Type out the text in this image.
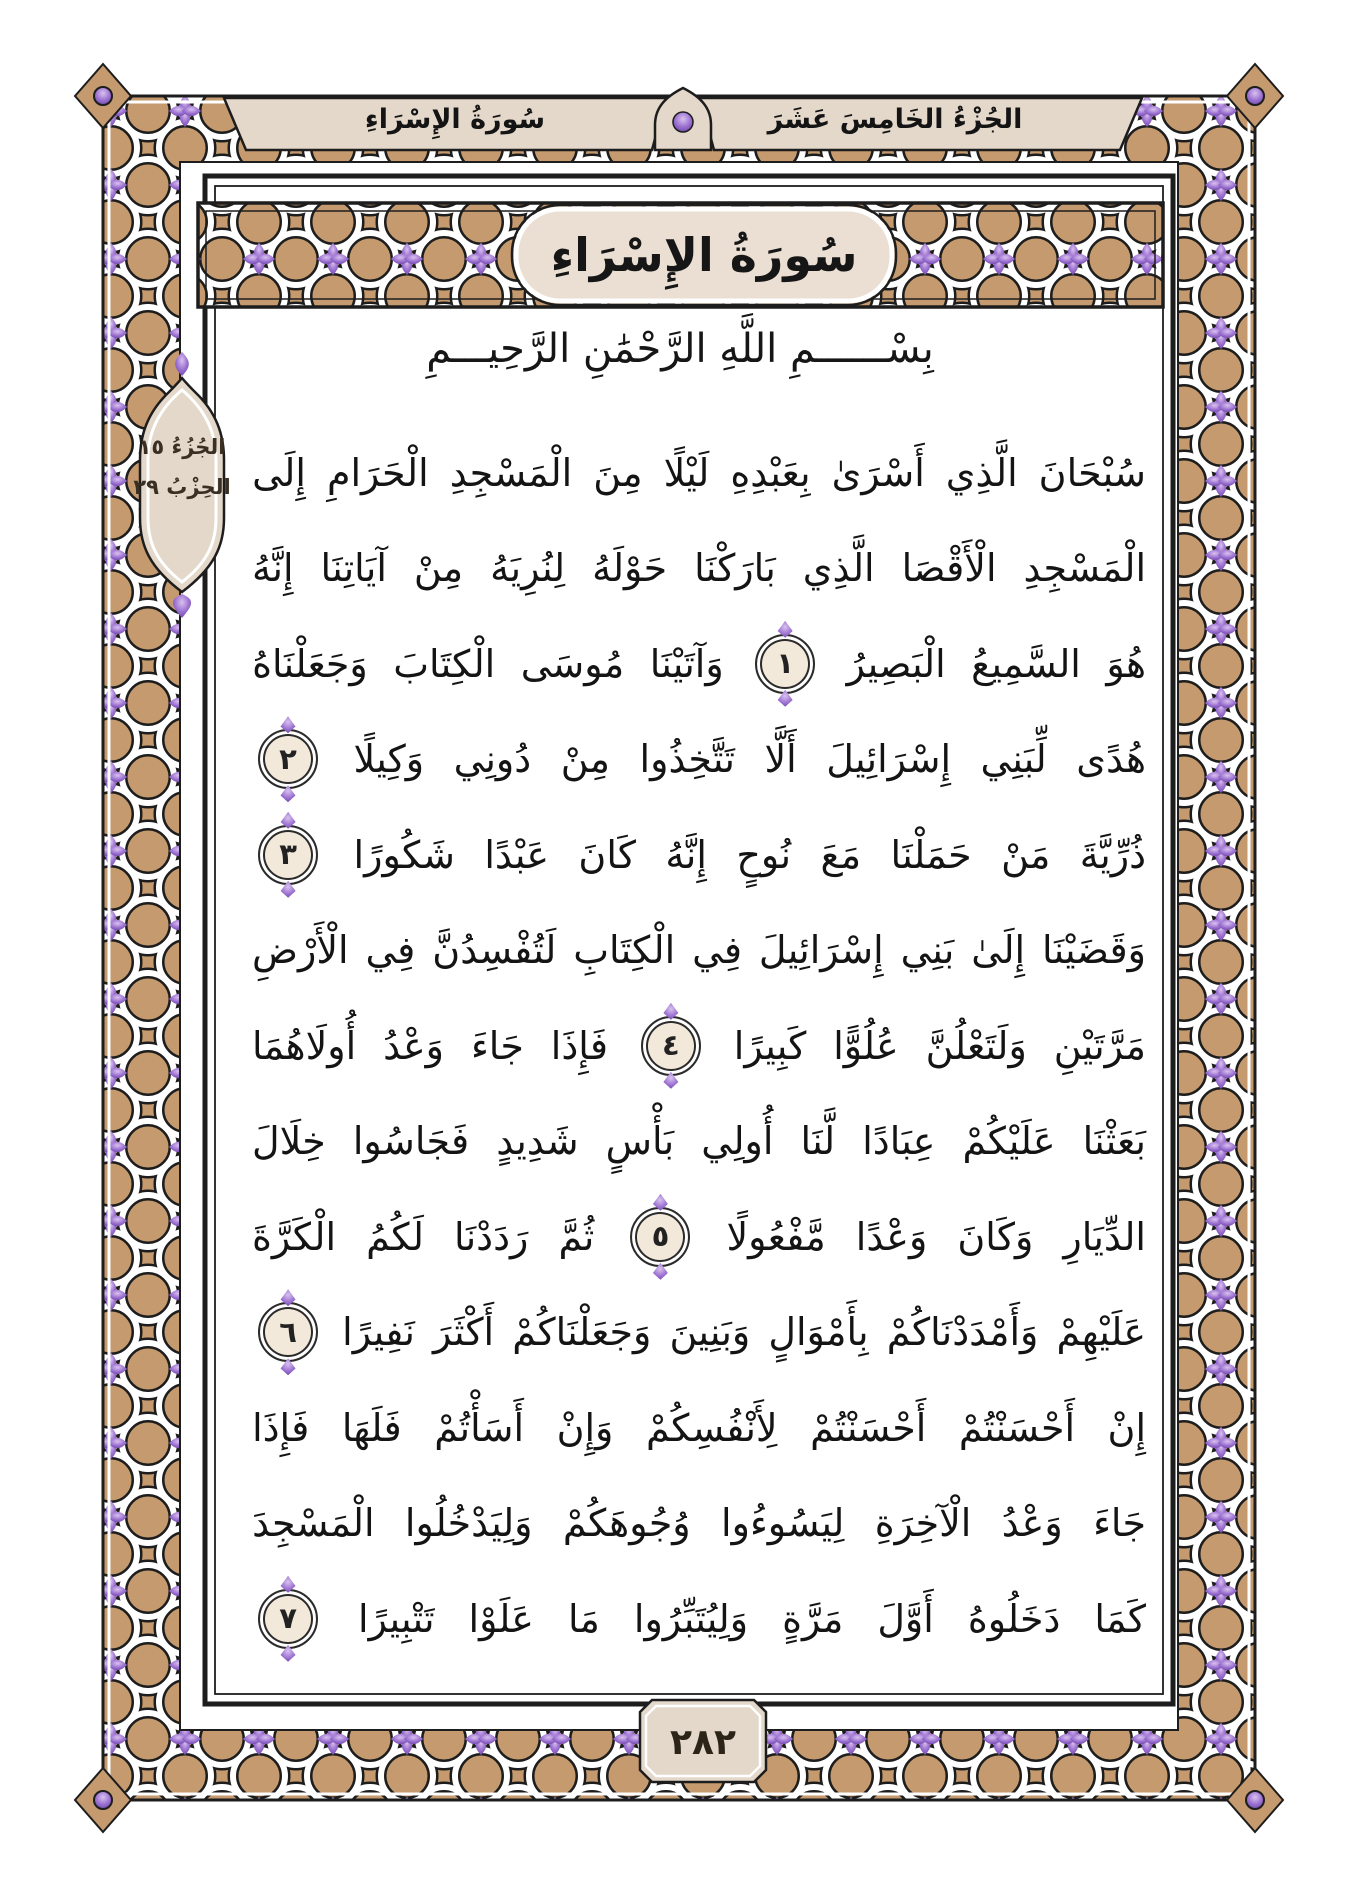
الجُزْءُ الخَامِسَ عَشَرَ
سُورَةُ الإِسْرَاءِ
سُورَةُ الإِسْرَاءِ
بِسْــــــمِ اللَّهِ الرَّحْمَٰنِ الرَّحِيـــمِ
سُبْحَانَ
الَّذِي
أَسْرَىٰ
بِعَبْدِهِ
لَيْلًا
مِنَ
الْمَسْجِدِ
الْحَرَامِ
إِلَى
الْمَسْجِدِ
الْأَقْصَا
الَّذِي
بَارَكْنَا
حَوْلَهُ
لِنُرِيَهُ
مِنْ
آيَاتِنَا
إِنَّهُ
هُوَ
السَّمِيعُ
الْبَصِيرُ
١
وَآتَيْنَا
مُوسَى
الْكِتَابَ
وَجَعَلْنَاهُ
هُدًى
لِّبَنِي
إِسْرَائِيلَ
أَلَّا
تَتَّخِذُوا
مِنْ
دُونِي
وَكِيلًا
٢
ذُرِّيَّةَ
مَنْ
حَمَلْنَا
مَعَ
نُوحٍ
إِنَّهُ
كَانَ
عَبْدًا
شَكُورًا
٣
وَقَضَيْنَا
إِلَىٰ
بَنِي
إِسْرَائِيلَ
فِي
الْكِتَابِ
لَتُفْسِدُنَّ
فِي
الْأَرْضِ
مَرَّتَيْنِ
وَلَتَعْلُنَّ
عُلُوًّا
كَبِيرًا
٤
فَإِذَا
جَاءَ
وَعْدُ
أُولَاهُمَا
بَعَثْنَا
عَلَيْكُمْ
عِبَادًا
لَّنَا
أُولِي
بَأْسٍ
شَدِيدٍ
فَجَاسُوا
خِلَالَ
الدِّيَارِ
وَكَانَ
وَعْدًا
مَّفْعُولًا
٥
ثُمَّ
رَدَدْنَا
لَكُمُ
الْكَرَّةَ
عَلَيْهِمْ
وَأَمْدَدْنَاكُمْ
بِأَمْوَالٍ
وَبَنِينَ
وَجَعَلْنَاكُمْ
أَكْثَرَ
نَفِيرًا
٦
إِنْ
أَحْسَنْتُمْ
أَحْسَنْتُمْ
لِأَنْفُسِكُمْ
وَإِنْ
أَسَأْتُمْ
فَلَهَا
فَإِذَا
جَاءَ
وَعْدُ
الْآخِرَةِ
لِيَسُوءُوا
وُجُوهَكُمْ
وَلِيَدْخُلُوا
الْمَسْجِدَ
كَمَا
دَخَلُوهُ
أَوَّلَ
مَرَّةٍ
وَلِيُتَبِّرُوا
مَا
عَلَوْا
تَتْبِيرًا
٧
الجُزُءُ ١٥
الحِزْبُ ٢٩
٢٨٢
